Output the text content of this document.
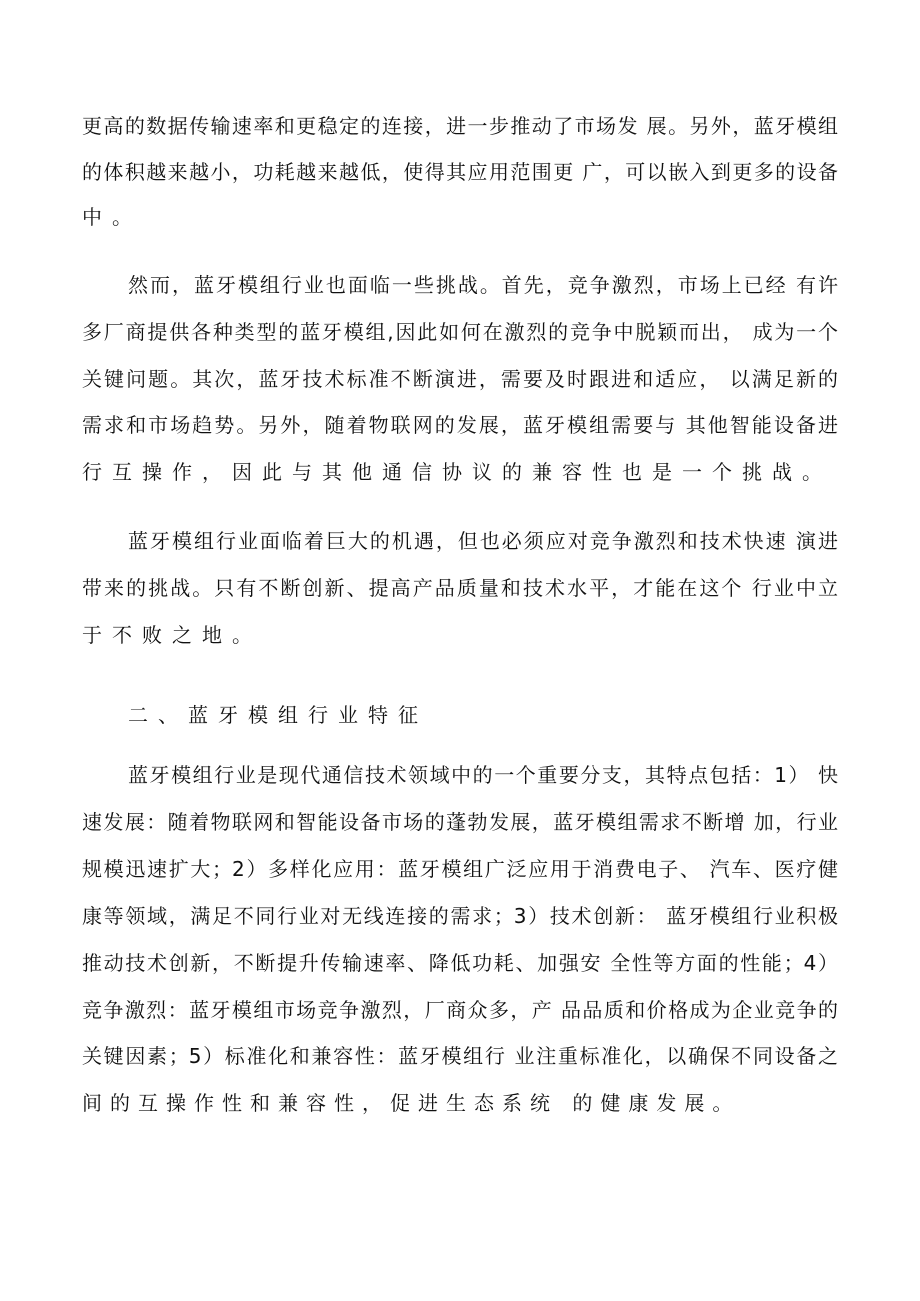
更高的数据传输速率和更稳定的连接，进一步推动了市场发 展。另外，蓝牙模组
的体积越来越小，功耗越来越低，使得其应用范围更 广，可以嵌入到更多的设备
中。
然而，蓝牙模组行业也面临一些挑战。首先，竞争激烈，市场上已经 有许
多厂商提供各种类型的蓝牙模组,因此如何在激烈的竞争中脱颖而出， 成为一个
关键问题。其次，蓝牙技术标准不断演进，需要及时跟进和适应， 以满足新的
需求和市场趋势。另外，随着物联网的发展，蓝牙模组需要与 其他智能设备进
行互操作，因此与其他通信协议的兼容性也是一个挑战。
蓝牙模组行业面临着巨大的机遇，但也必须应对竞争激烈和技术快速 演进
带来的挑战。只有不断创新、提高产品质量和技术水平，才能在这个 行业中立
于不败之地。
二、蓝牙模组行业特征
蓝牙模组行业是现代通信技术领域中的一个重要分支，其特点包括：1） 快
速发展：随着物联网和智能设备市场的蓬勃发展，蓝牙模组需求不断增 加，行业
规模迅速扩大；2）多样化应用：蓝牙模组广泛应用于消费电子、 汽车、医疗健
康等领域，满足不同行业对无线连接的需求；3）技术创新： 蓝牙模组行业积极
推动技术创新，不断提升传输速率、降低功耗、加强安 全性等方面的性能；4）
竞争激烈：蓝牙模组市场竞争激烈，厂商众多，产 品品质和价格成为企业竞争的
关键因素；5）标准化和兼容性：蓝牙模组行 业注重标准化，以确保不同设备之
间的互操作性和兼容性，促进生态系统 的健康发展。
